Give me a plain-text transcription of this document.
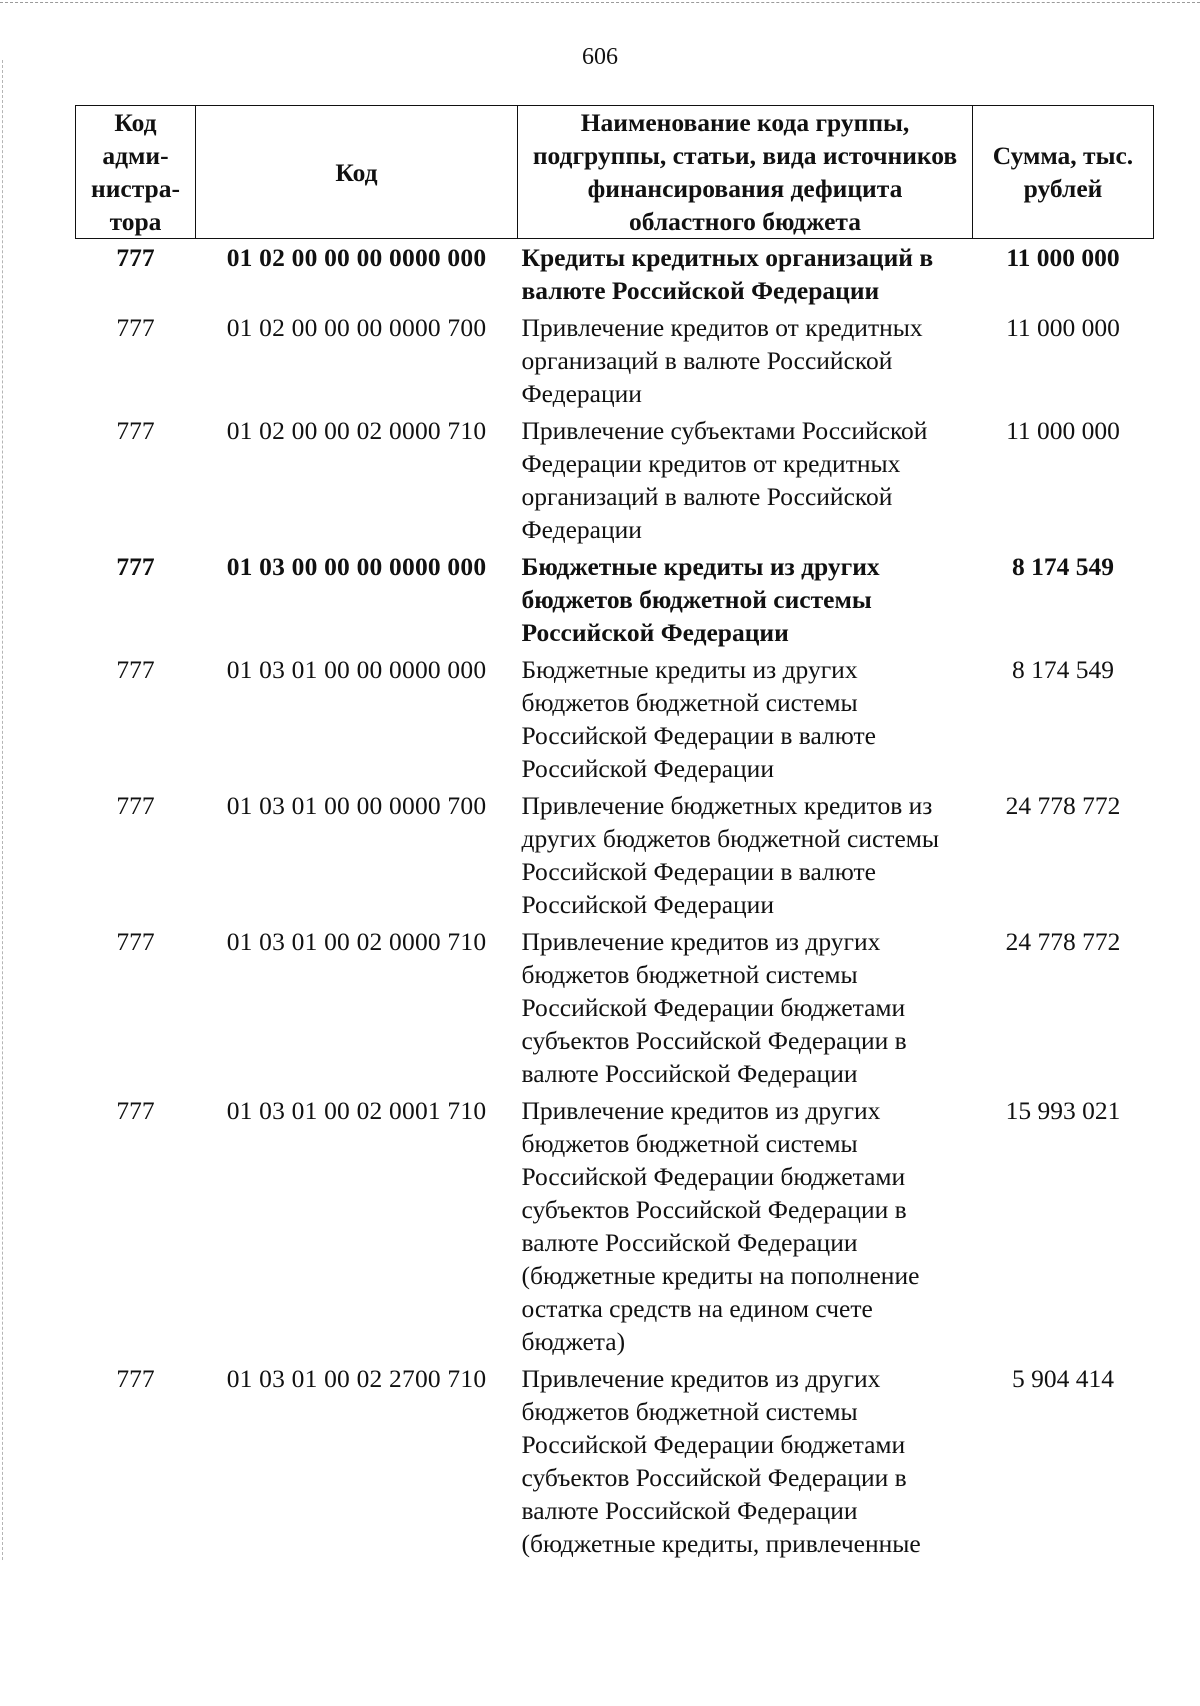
606
Код адми-нистра-тора	Код	Наименование кода группы, подгруппы, статьи, вида источников финансирования дефицита областного бюджета	Сумма, тыс. рублей
777	01 02 00 00 00 0000 000	Кредиты кредитных организаций в валюте Российской Федерации	11 000 000
777	01 02 00 00 00 0000 700	Привлечение кредитов от кредитных организаций в валюте Российской Федерации	11 000 000
777	01 02 00 00 02 0000 710	Привлечение субъектами Российской Федерации кредитов от кредитных организаций в валюте Российской Федерации	11 000 000
777	01 03 00 00 00 0000 000	Бюджетные кредиты из других бюджетов бюджетной системы Российской Федерации	8 174 549
777	01 03 01 00 00 0000 000	Бюджетные кредиты из других бюджетов бюджетной системы Российской Федерации в валюте Российской Федерации	8 174 549
777	01 03 01 00 00 0000 700	Привлечение бюджетных кредитов из других бюджетов бюджетной системы Российской Федерации в валюте Российской Федерации	24 778 772
777	01 03 01 00 02 0000 710	Привлечение кредитов из других бюджетов бюджетной системы Российской Федерации бюджетами субъектов Российской Федерации в валюте Российской Федерации	24 778 772
777	01 03 01 00 02 0001 710	Привлечение кредитов из других бюджетов бюджетной системы Российской Федерации бюджетами субъектов Российской Федерации в валюте Российской Федерации (бюджетные кредиты на пополнение остатка средств на едином счете бюджета)	15 993 021
777	01 03 01 00 02 2700 710	Привлечение кредитов из других бюджетов бюджетной системы Российской Федерации бюджетами субъектов Российской Федерации в валюте Российской Федерации (бюджетные кредиты, привлеченные	5 904 414
